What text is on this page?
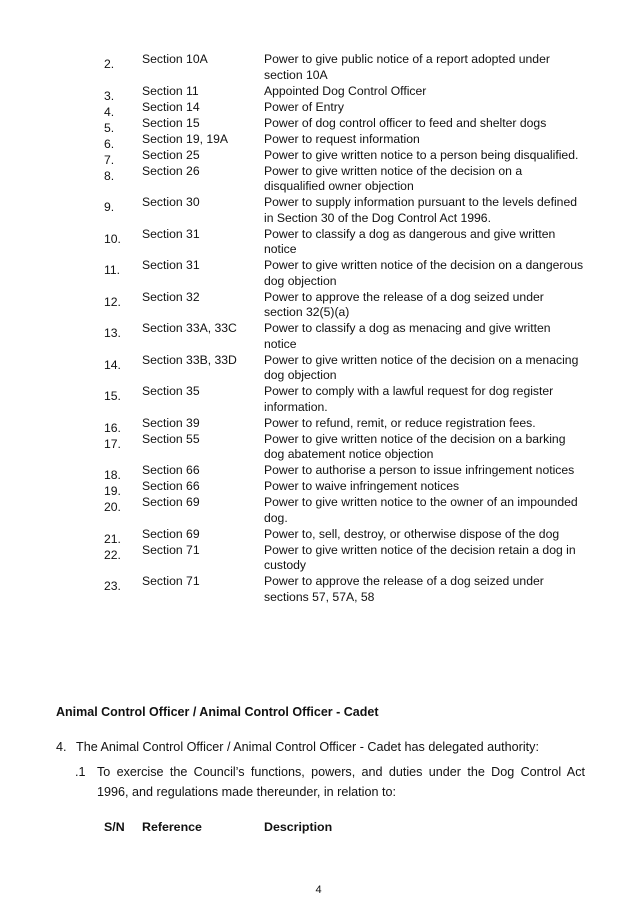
2.	Section 10A	Power to give public notice of a report adopted under section 10A
3.	Section 11	Appointed Dog Control Officer
4.	Section 14	Power of Entry
5.	Section 15	Power of dog control officer to feed and shelter dogs
6.	Section 19, 19A	Power to request information
7.	Section 25	Power to give written notice to a person being disqualified.
8.	Section 26	Power to give written notice of the decision on a disqualified owner objection
9.	Section 30	Power to supply information pursuant to the levels defined in Section 30 of the Dog Control Act 1996.
10.	Section 31	Power to classify a dog as dangerous and give written notice
11.	Section 31	Power to give written notice of the decision on a dangerous dog objection
12.	Section 32	Power to approve the release of a dog seized under section 32(5)(a)
13.	Section 33A, 33C	Power to classify a dog as menacing and give written notice
14.	Section 33B, 33D	Power to give written notice of the decision on a menacing dog objection
15.	Section 35	Power to comply with a lawful request for dog register information.
16.	Section 39	Power to refund, remit, or reduce registration fees.
17.	Section 55	Power to give written notice of the decision on a barking dog abatement notice objection
18.	Section 66	Power to authorise a person to issue infringement notices
19.	Section 66	Power to waive infringement notices
20.	Section 69	Power to give written notice to the owner of an impounded dog.
21.	Section 69	Power to, sell, destroy, or otherwise dispose of the dog
22.	Section 71	Power to give written notice of the decision retain a dog in custody
23.	Section 71	Power to approve the release of a dog seized under sections 57, 57A, 58
Animal Control Officer / Animal Control Officer - Cadet
4. The Animal Control Officer / Animal Control Officer - Cadet has delegated authority:
.1 To exercise the Council’s functions, powers, and duties under the Dog Control Act 1996, and regulations made thereunder, in relation to:
S/N Reference	Description
4
